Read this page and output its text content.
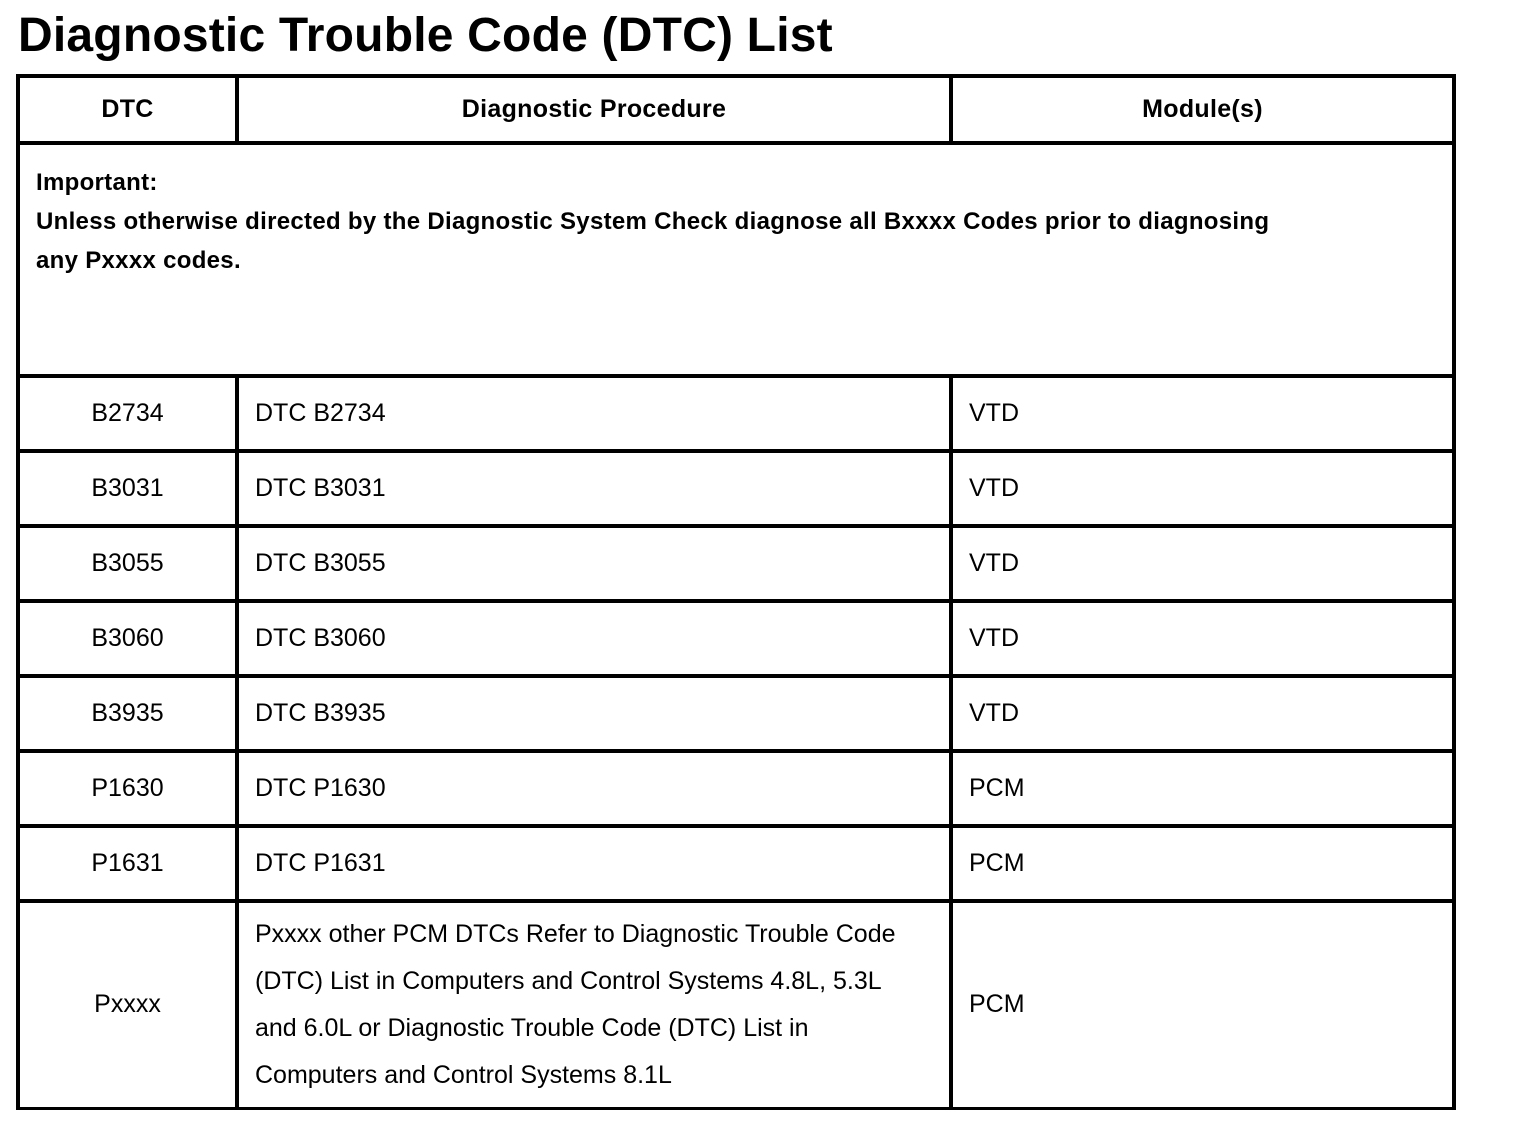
Diagnostic Trouble Code (DTC) List
DTC	Diagnostic Procedure	Module(s)

Important:
Unless otherwise directed by the Diagnostic System Check diagnose all Bxxxx Codes prior to diagnosing any Pxxxx codes.		

B2734	DTC B2734	VTD
B3031	DTC B3031	VTD
B3055	DTC B3055	VTD
B3060	DTC B3060	VTD
B3935	DTC B3935	VTD
P1630	DTC P1630	PCM
P1631	DTC P1631	PCM
Pxxxx	Pxxxx other PCM DTCs Refer to Diagnostic Trouble Code (DTC) List in Computers and Control Systems 4.8L, 5.3L and 6.0L or Diagnostic Trouble Code (DTC) List in Computers and Control Systems 8.1L	PCM
